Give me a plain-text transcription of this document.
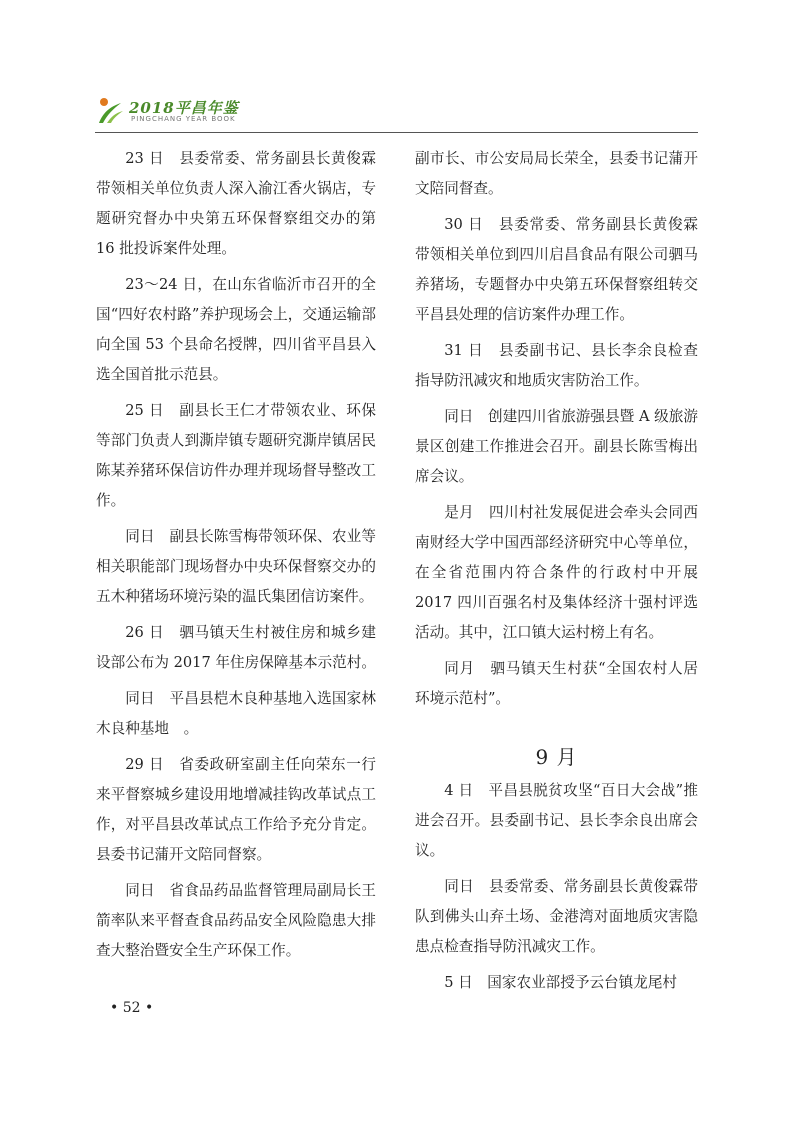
2018平昌年鉴
PINGCHANG YEAR BOOK

23 日　县委常委、常务副县长黄俊霖带领相关单位负责人深入渝江香火锅店，专题研究督办中央第五环保督察组交办的第 16 批投诉案件处理。

23～24 日，在山东省临沂市召开的全国“四好农村路”养护现场会上，交通运输部向全国 53 个县命名授牌，四川省平昌县入选全国首批示范县。

25 日　副县长王仁才带领农业、环保等部门负责人到澌岸镇专题研究澌岸镇居民陈某养猪环保信访件办理并现场督导整改工作。

同日　副县长陈雪梅带领环保、农业等相关职能部门现场督办中央环保督察交办的五木种猪场环境污染的温氏集团信访案件。

26 日　驷马镇天生村被住房和城乡建设部公布为 2017 年住房保障基本示范村。

同日　平昌县桤木良种基地入选国家林木良种基地　。

29 日　省委政研室副主任向荣东一行来平督察城乡建设用地增减挂钩改革试点工作，对平昌县改革试点工作给予充分肯定。县委书记蒲开文陪同督察。

同日　省食品药品监督管理局副局长王箭率队来平督查食品药品安全风险隐患大排查大整治暨安全生产环保工作。

副市长、市公安局局长荣全，县委书记蒲开文陪同督查。

30 日　县委常委、常务副县长黄俊霖带领相关单位到四川启昌食品有限公司驷马养猪场，专题督办中央第五环保督察组转交平昌县处理的信访案件办理工作。

31 日　县委副书记、县长李余良检查指导防汛减灾和地质灾害防治工作。

同日　创建四川省旅游强县暨 A 级旅游景区创建工作推进会召开。副县长陈雪梅出席会议。

是月　四川村社发展促进会牵头会同西南财经大学中国西部经济研究中心等单位，在全省范围内符合条件的行政村中开展 2017 四川百强名村及集体经济十强村评选活动。其中，江口镇大运村榜上有名。

同月　驷马镇天生村获“全国农村人居环境示范村”。

9 月

4 日　平昌县脱贫攻坚“百日大会战”推进会召开。县委副书记、县长李余良出席会议。

同日　县委常委、常务副县长黄俊霖带队到佛头山弃土场、金港湾对面地质灾害隐患点检查指导防汛减灾工作。

5 日　国家农业部授予云台镇龙尾村

• 52 •
